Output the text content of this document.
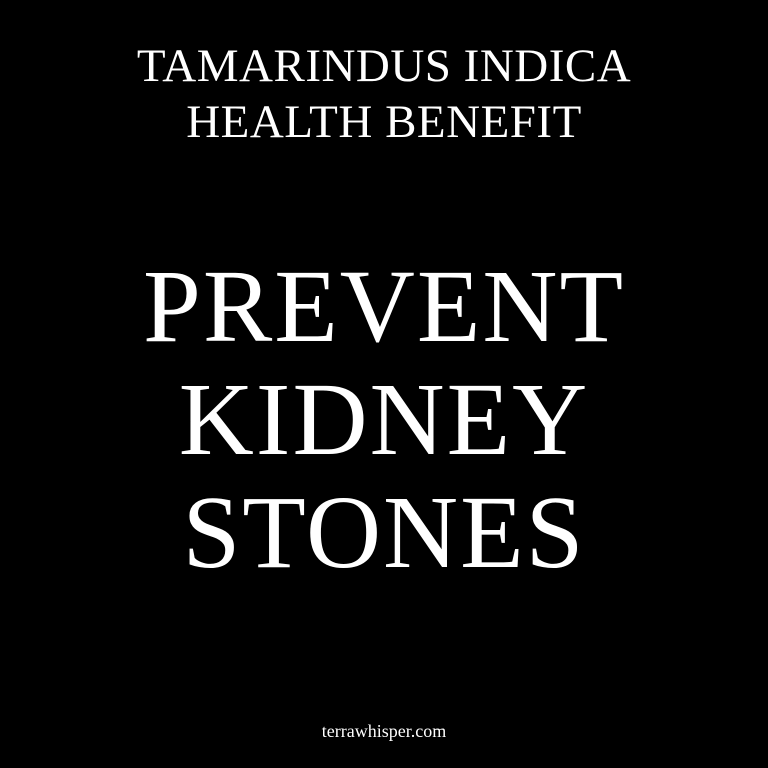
TAMARINDUS INDICA
HEALTH BENEFIT
PREVENT
KIDNEY
STONES
terrawhisper.com
